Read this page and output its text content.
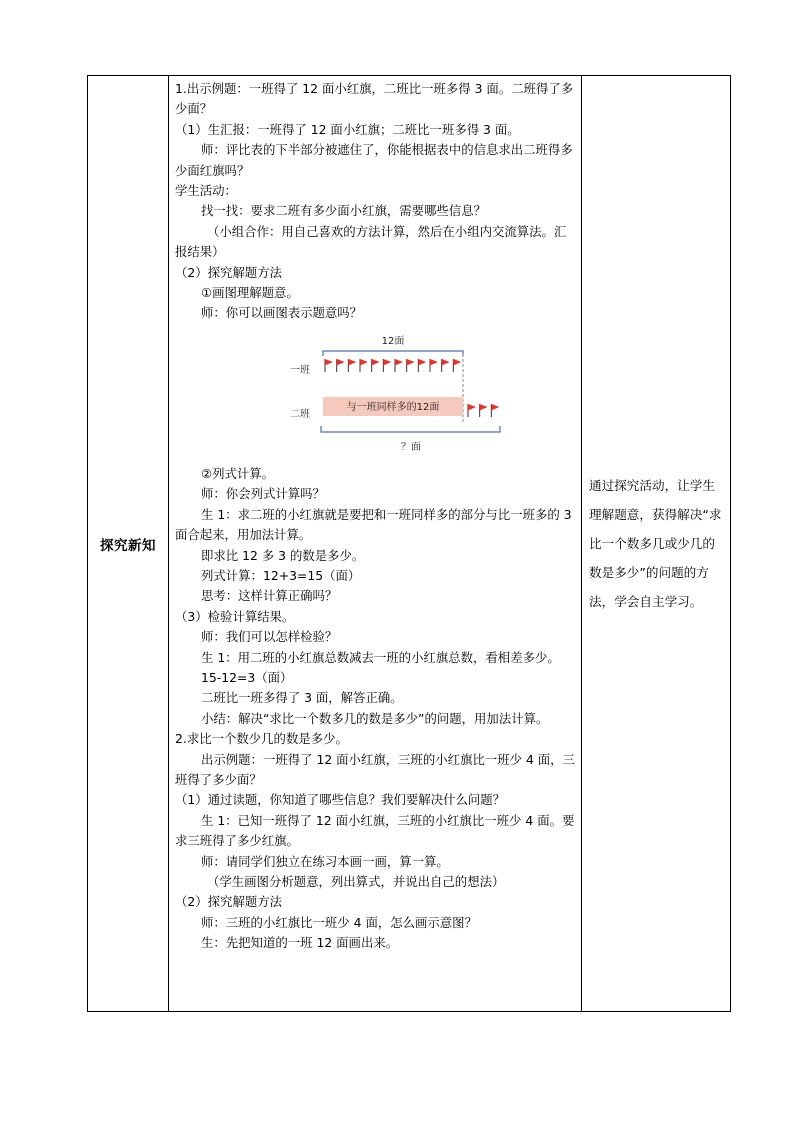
探究新知	

1.出示例题：一班得了 12 面小红旗，二班比一班多得 3 面。二班得了多少面？

（1）生汇报：一班得了 12 面小红旗；二班比一班多得 3 面。

师：评比表的下半部分被遮住了，你能根据表中的信息求出二班得多少面红旗吗？

学生活动：

找一找：要求二班有多少面小红旗，需要哪些信息？

（小组合作：用自己喜欢的方法计算，然后在小组内交流算法。汇报结果）

（2）探究解题方法

①画图理解题意。

师：你可以画图表示题意吗？

12面
一班
二班
与一班同样多的12面
？面

②列式计算。

师：你会列式计算吗？

生 1：求二班的小红旗就是要把和一班同样多的部分与比一班多的 3 面合起来，用加法计算。

即求比 12 多 3 的数是多少。

列式计算：12+3=15（面）

思考：这样计算正确吗？

（3）检验计算结果。

师：我们可以怎样检验？

生 1：用二班的小红旗总数减去一班的小红旗总数，看相差多少。

15-12=3（面）

二班比一班多得了 3 面，解答正确。

小结：解决“求比一个数多几的数是多少”的问题，用加法计算。

2.求比一个数少几的数是多少。

出示例题：一班得了 12 面小红旗，三班的小红旗比一班少 4 面，三班得了多少面？

（1）通过读题，你知道了哪些信息？我们要解决什么问题？

生 1：已知一班得了 12 面小红旗，三班的小红旗比一班少 4 面。要求三班得了多少红旗。

师：请同学们独立在练习本画一画，算一算。

（学生画图分析题意，列出算式，并说出自己的想法）

（2）探究解题方法

师：三班的小红旗比一班少 4 面，怎么画示意图？

生：先把知道的一班 12 面画出来。

通过探究活动，让学生理解题意，获得解决“求比一个数多几或少几的数是多少”的问题的方法，学会自主学习。
